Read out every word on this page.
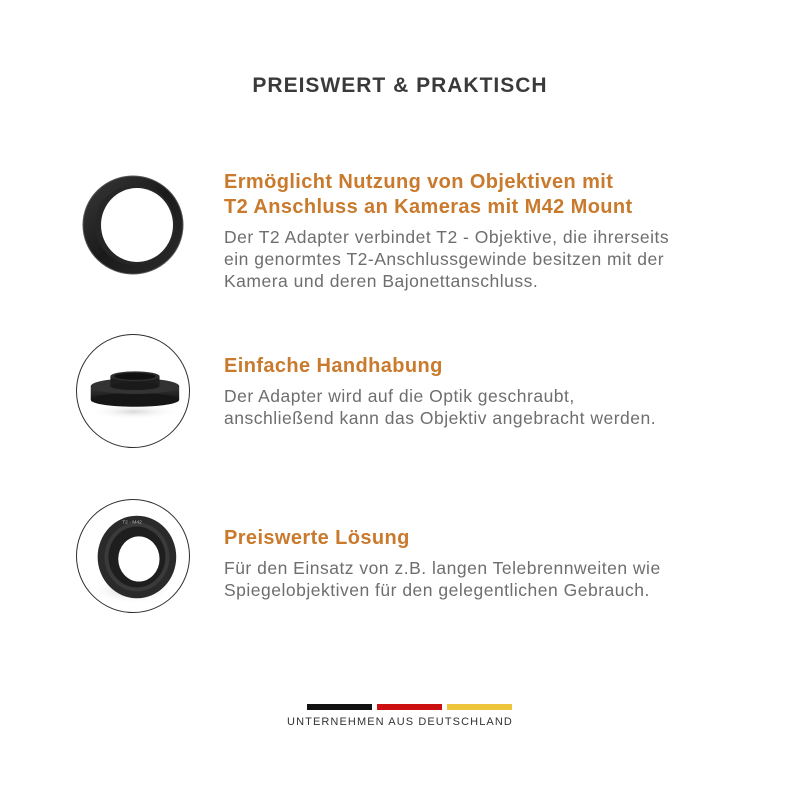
PREISWERT & PRAKTISCH
Ermöglicht Nutzung von Objektiven mit
T2 Anschluss an Kameras mit M42 Mount
Der T2 Adapter verbindet T2 - Objektive, die ihrerseits
ein genormtes T2-Anschlussgewinde besitzen mit der
Kamera und deren Bajonettanschluss.
Einfache Handhabung
Der Adapter wird auf die Optik geschraubt,
anschließend kann das Objektiv angebracht werden.
T2 - M42
Preiswerte Lösung
Für den Einsatz von z.B. langen Telebrennweiten wie
Spiegelobjektiven für den gelegentlichen Gebrauch.
UNTERNEHMEN AUS DEUTSCHLAND
